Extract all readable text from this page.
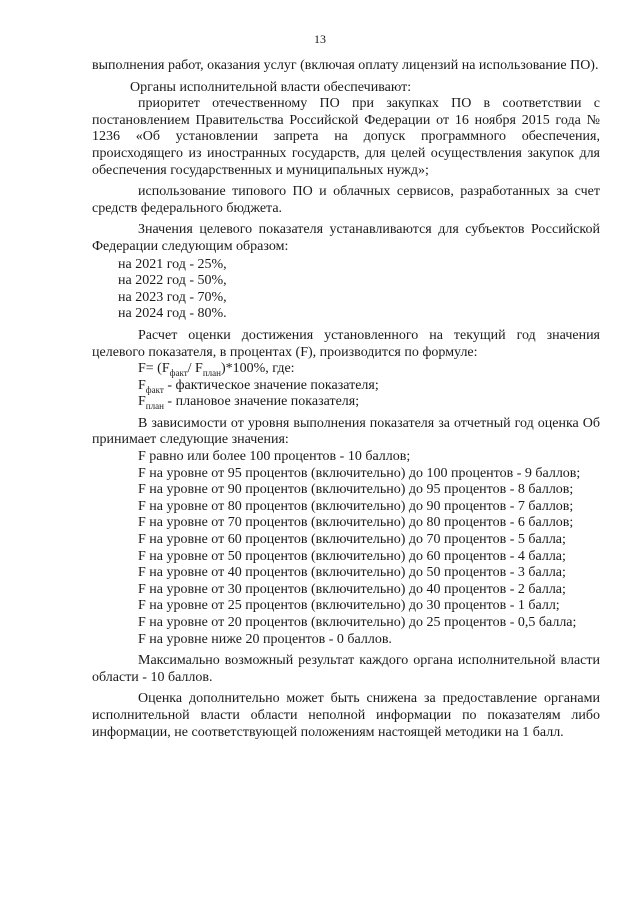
13

выполнения работ, оказания услуг (включая оплату лицензий на использование ПО).

Органы исполнительной власти обеспечивают:

приоритет отечественному ПО при закупках ПО в соответствии с постановлением Правительства Российской Федерации от 16 ноября 2015 года № 1236 «Об установлении запрета на допуск программного обеспечения, происходящего из иностранных государств, для целей осуществления закупок для обеспечения государственных и муниципальных нужд»;

использование типового ПО и облачных сервисов, разработанных за счет средств федерального бюджета.

Значения целевого показателя устанавливаются для субъектов Российской Федерации следующим образом:

на 2021 год - 25%,

на 2022 год - 50%,

на 2023 год - 70%,

на 2024 год - 80%.

Расчет оценки достижения установленного на текущий год значения целевого показателя, в процентах (F), производится по формуле:

$F= (F_{факт}/$ $F_{план})*100\%$, где:

$F_{факт}$ - фактическое значение показателя;

$F_{план}$ - плановое значение показателя;

В зависимости от уровня выполнения показателя за отчетный год оценка Об принимает следующие значения:

F равно или более 100 процентов - 10 баллов;

F на уровне от 95 процентов (включительно) до 100 процентов - 9 баллов;

F на уровне от 90 процентов (включительно) до 95 процентов - 8 баллов;

F на уровне от 80 процентов (включительно) до 90 процентов - 7 баллов;

F на уровне от 70 процентов (включительно) до 80 процентов - 6 баллов;

F на уровне от 60 процентов (включительно) до 70 процентов - 5 балла;

F на уровне от 50 процентов (включительно) до 60 процентов - 4 балла;

F на уровне от 40 процентов (включительно) до 50 процентов - 3 балла;

F на уровне от 30 процентов (включительно) до 40 процентов - 2 балла;

F на уровне от 25 процентов (включительно) до 30 процентов - 1 балл;

F на уровне от 20 процентов (включительно) до 25 процентов - 0,5 балла;

F на уровне ниже 20 процентов - 0 баллов.

Максимально возможный результат каждого органа исполнительной власти области - 10 баллов.

Оценка дополнительно может быть снижена за предоставление органами исполнительной власти области неполной информации по показателям либо информации, не соответствующей положениям настоящей методики на 1 балл.
